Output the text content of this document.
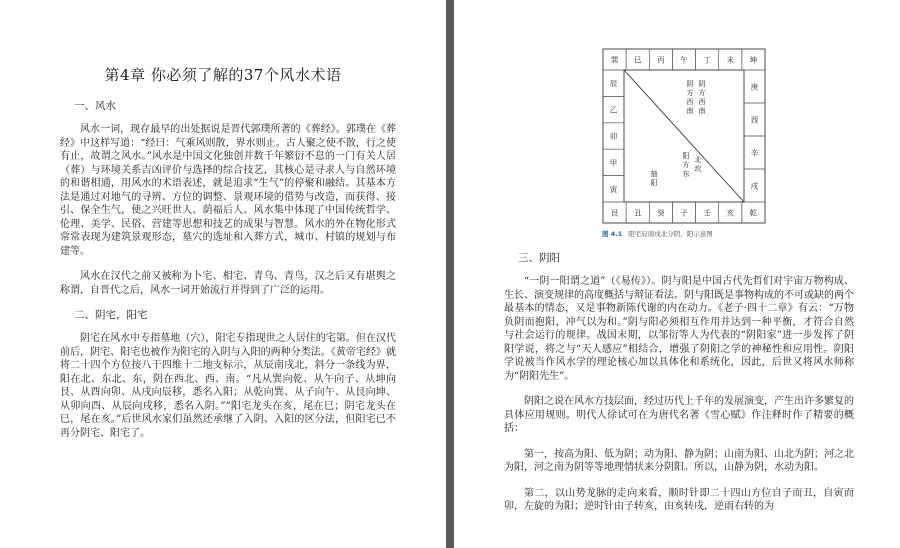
第4章 你必须了解的37个风水术语
一、风水

风水一词，现存最早的出处据说是晋代郭璞所著的《葬经》。郭璞在《葬经》中这样写道：“经曰：气乘风则散，界水则止。古人聚之使不散，行之使有止，故谓之风水。”风水是中国文化独创并数千年繁衍不息的一门有关人居（葬）与环境关系吉凶评价与选择的综合技艺，其核心是寻求人与自然环境的和谐相通，用风水的术语表述，就是追求“生气”的停聚和融结。其基本方法是通过对地气的寻辨、方位的调整、景观环境的借势与改造，而获得、接引、保全生气，使之兴旺世人、荫福后人。风水集中体现了中国传统哲学、伦理、美学、民俗、营建等思想和技艺的成果与智慧。风水的外在物化形式常常表现为建筑景观形态，墓穴的选址和入葬方式，城市、村镇的规划与布建等。

风水在汉代之前又被称为卜宅、相宅、青乌、青鸟，汉之后又有堪舆之称谓，自晋代之后，风水一词开始流行并得到了广泛的运用。

二、阴宅，阳宅

阴宅在风水中专指墓地（穴），阳宅专指现世之人居住的宅第。但在汉代前后，阴宅、阳宅也被作为阳宅的入阴与入阳的两种分类法。《黄帝宅经》就将二十四个方位按八干四维十二地支标示，从辰南戌北，斜分一条线为界，阳在北、东北、东，阴在西北、西、南。“凡从巽向乾、从午向子、从坤向艮、从酉向卯、从戌向辰移，悉名入阳；从乾向巽、从子向午、从艮向坤、从卯向酉、从辰向戌移，悉名入阴。”“阳宅龙头在亥，尾在巳；阴宅龙头在巳，尾在亥。”后世风水家们虽然还承继了入阴、入阳的区分法，但阳宅已不再分阴宅、阳宅了。

巽 巳 丙 午 丁 未 坤
艮 丑 癸 子 壬 亥 乾
辰
乙
卯
甲
寅
庚
酉
辛
戌
阴
方
西
南
阴
方
西
南
抽
阳
阳
方
东
北
坎
图 4.1 阳宅辰南戌北分阴、阳示意图
三、阴阳

“一阴一阳谓之道”（《易传》）。阴与阳是中国古代先哲们对宇宙万物构成、生长、演变规律的高度概括与辩证看法。阴与阳既是事物构成的不可或缺的两个最基本的情态，又是事物新陈代谢的内在动力。《老子·四十二章》有云：“万物负阴而抱阳，冲气以为和。”阴与阳必须相互作用并达到一种平衡，才符合自然与社会运行的规律。战国末期，以邹衍等人为代表的“阴阳家”进一步发挥了阴阳学说，将之与“天人感应”相结合，增强了阴阳之学的神秘性和应用性。阴阳学说被当作风水学的理论核心加以具体化和系统化，因此，后世又将风水师称为“阴阳先生”。

阴阳之说在风水方技层面，经过历代上千年的发展演变，产生出许多繁复的具体应用规则。明代人徐试可在为唐代名著《雪心赋》作注释时作了精要的概括：

第一，按高为阳、低为阴；动为阳、静为阴；山南为阳、山北为阴；河之北为阳，河之南为阴等等地理情状来分阴阳。所以，山静为阴，水动为阳。

第二，以山势龙脉的走向来看，顺时针即二十四山方位自子而丑，自寅而卯，左旋的为阳；逆时针由子转亥，由亥转戌，逆雨右转的为
